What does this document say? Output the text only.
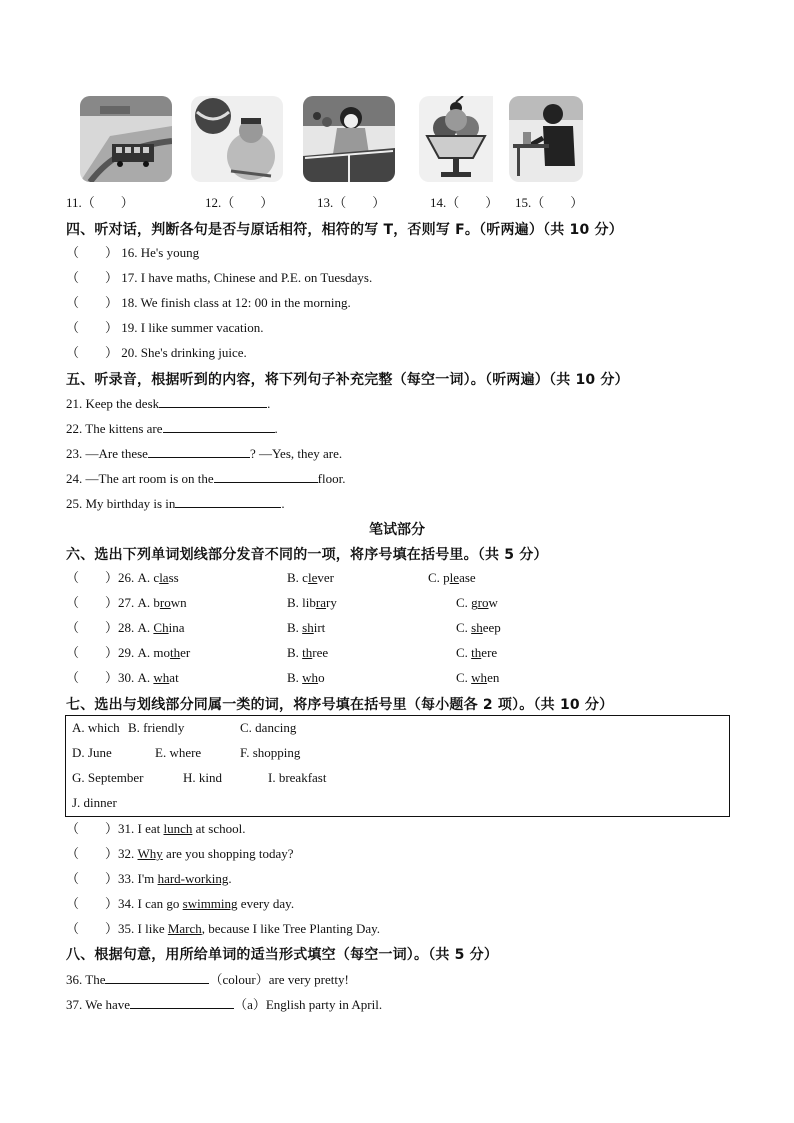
11.（　　）	12.（　　）	13.（　　）	14.（　　） 15.（　　）
四、听对话，判断各句是否与原话相符，相符的写 T，否则写 F。（听两遍）（共 10 分）
（　　） 16. He's young
（　　） 17. I have maths, Chinese and P.E. on Tuesdays.
（　　） 18. We finish class at 12: 00 in the morning.
（　　） 19. I like summer vacation.
（　　） 20. She's drinking juice.
五、听录音，根据听到的内容，将下列句子补充完整（每空一词）。（听两遍）（共 10 分）
21. Keep the desk	.
22. The kittens are	.
23. —Are these	? —Yes, they are.
24. —The art room is on the	floor.
25. My birthday is in	.
笔试部分
六、选出下列单词划线部分发音不同的一项，将序号填在括号里。（共 5 分）
（　　）26. A. class	B. clever	C. please
（　　）27. A. brown	B. library	C. grow
（　　）28. A. China	B. shirt	C. sheep
（　　）29. A. mother	B. three	C. there
（　　）30. A. what	B. who	C. when
七、选出与划线部分同属一类的词，将序号填在括号里（每小题各 2 项）。（共 10 分）
A. which B. friendly	C. dancing
D. June	E. where	F. shopping
G. September	H. kind	I. breakfast
J. dinner
（　　）31. I eat lunch at school.
（　　）32. Why are you shopping today?
（　　）33. I'm hard-working.
（　　）34. I can go swimming every day.
（　　）35. I like March, because I like Tree Planting Day.
八、根据句意，用所给单词的适当形式填空（每空一词）。（共 5 分）
36. The	（colour）are very pretty!
37. We have	（a）English party in April.
